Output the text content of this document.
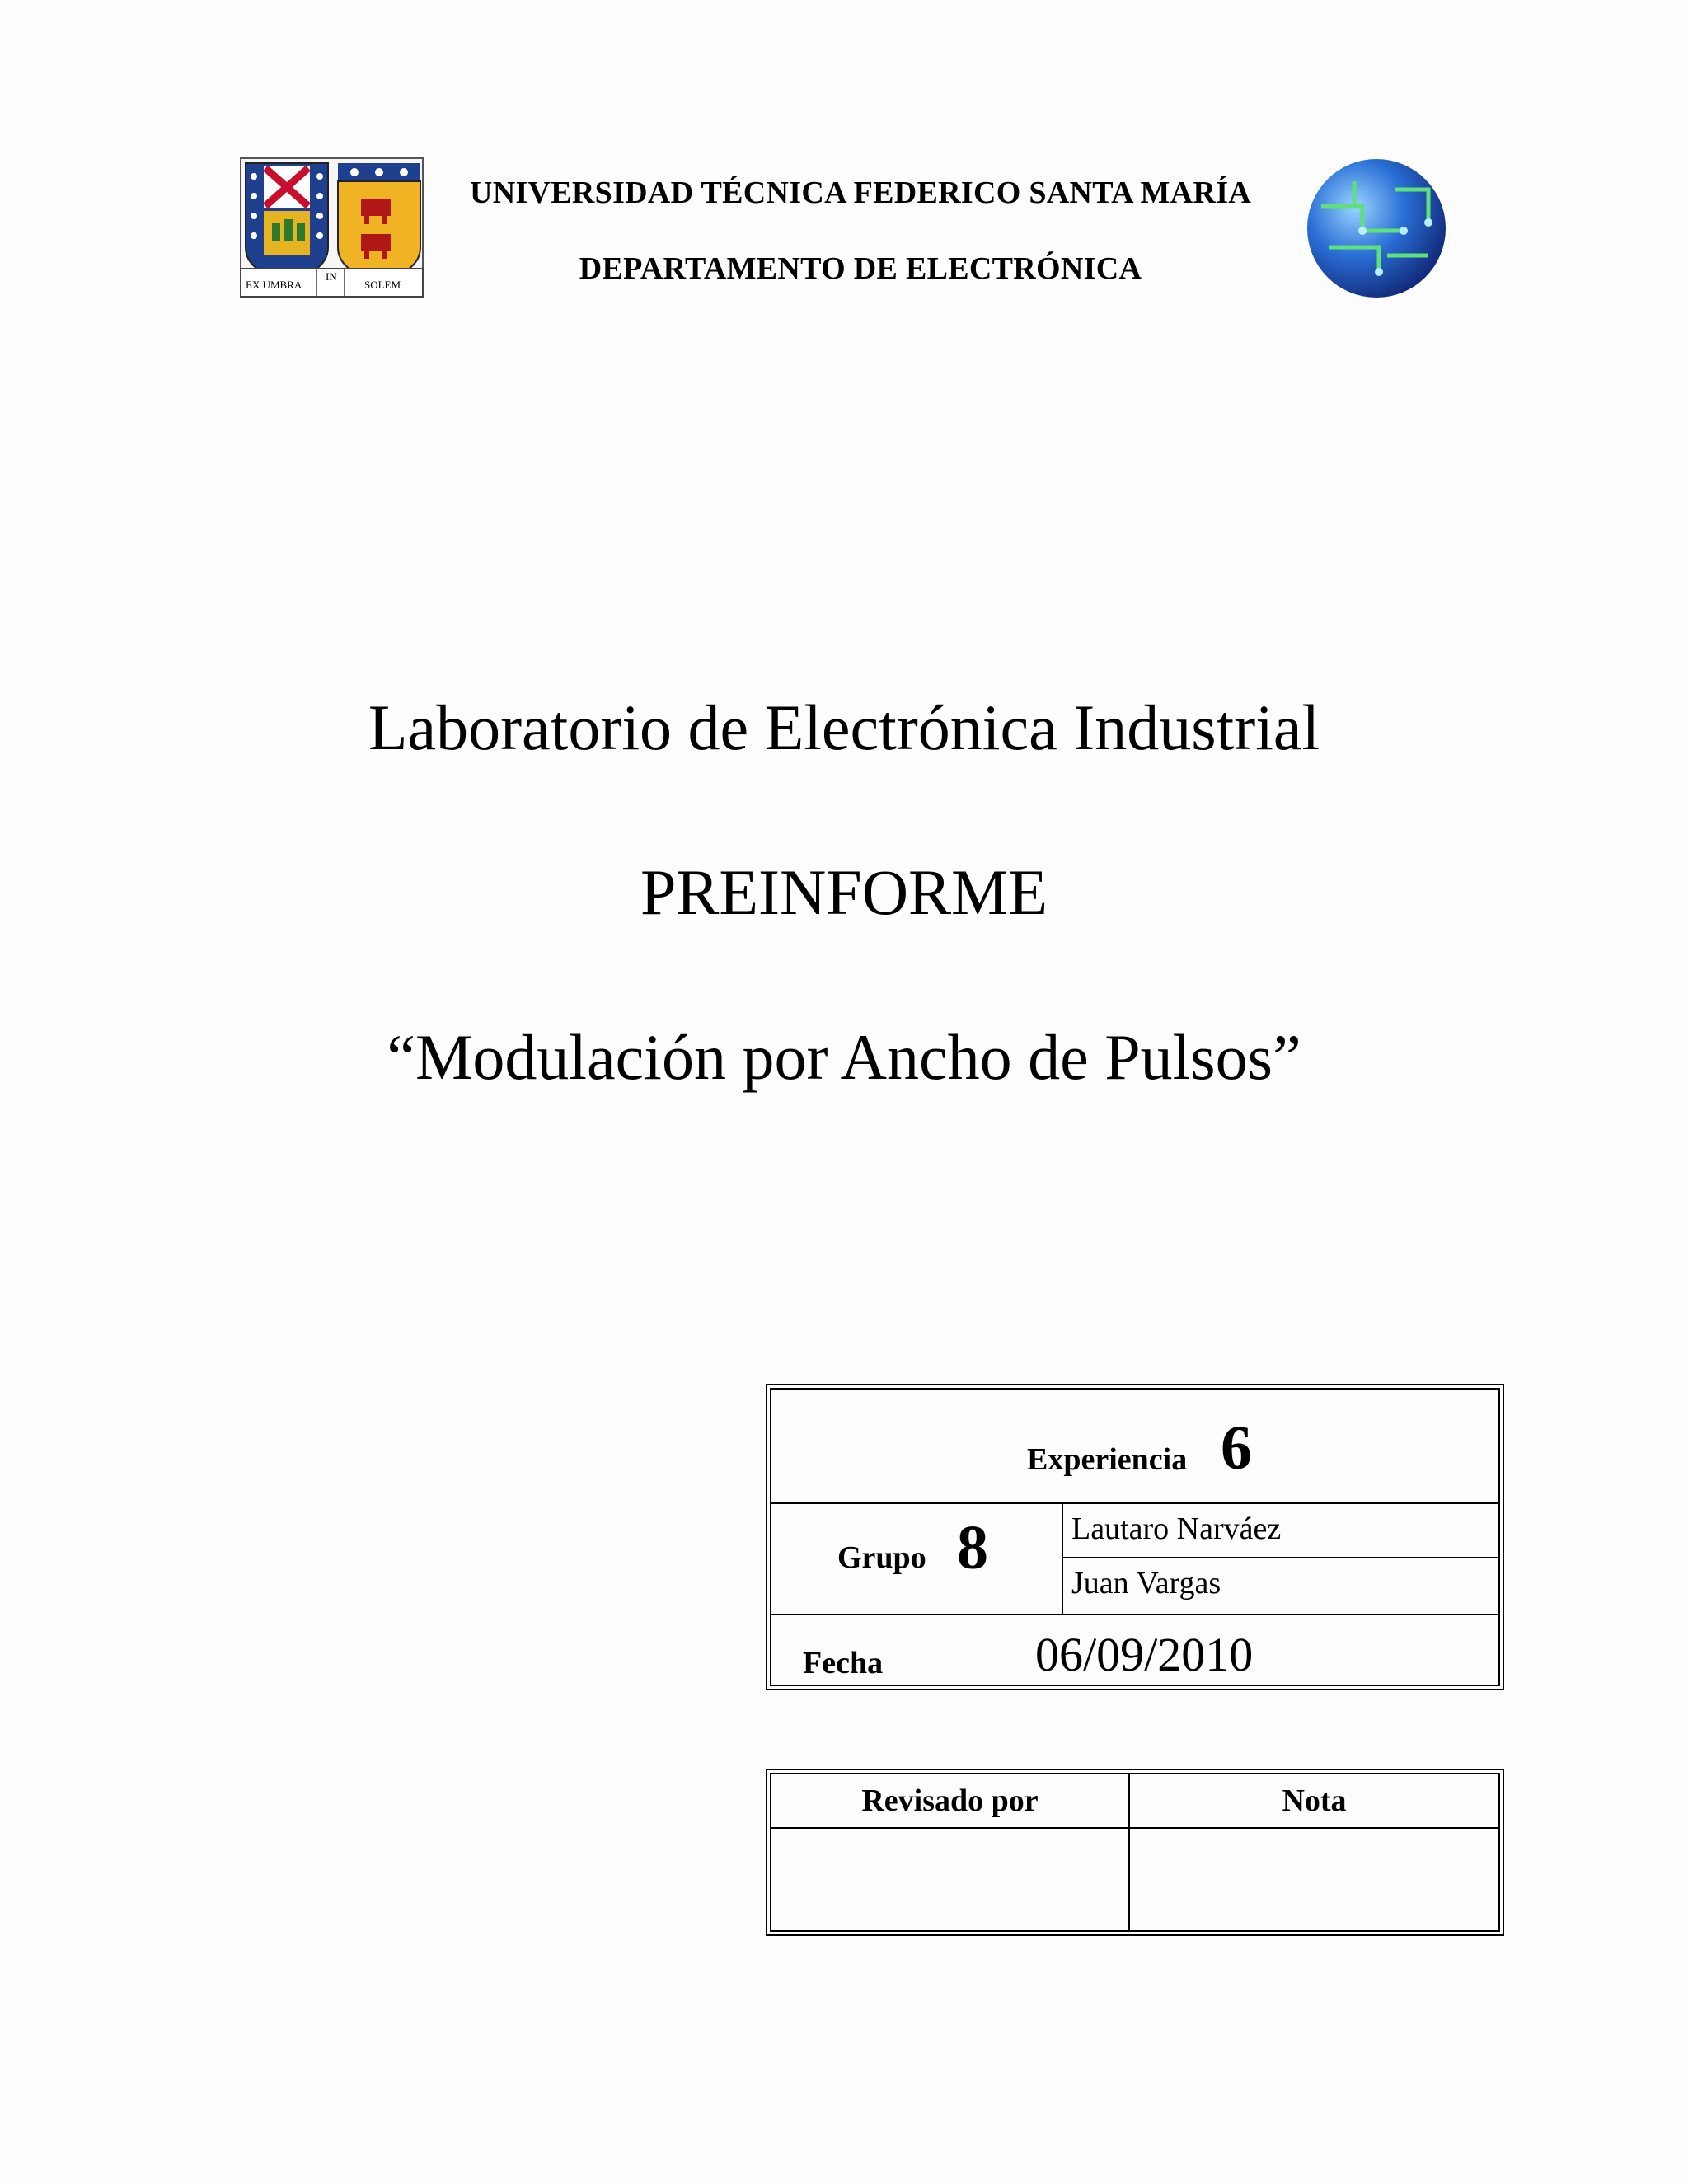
EX UMBRA
IN
SOLEM
UNIVERSIDAD TÉCNICA FEDERICO SANTA MARÍA
DEPARTAMENTO DE ELECTRÓNICA
Laboratorio de Electrónica Industrial
PREINFORME
“Modulación por Ancho de Pulsos”
Experiencia 6
Grupo 8	Lautaro Narváez
Juan Vargas
Fecha	06/09/2010
Revisado por	Nota
